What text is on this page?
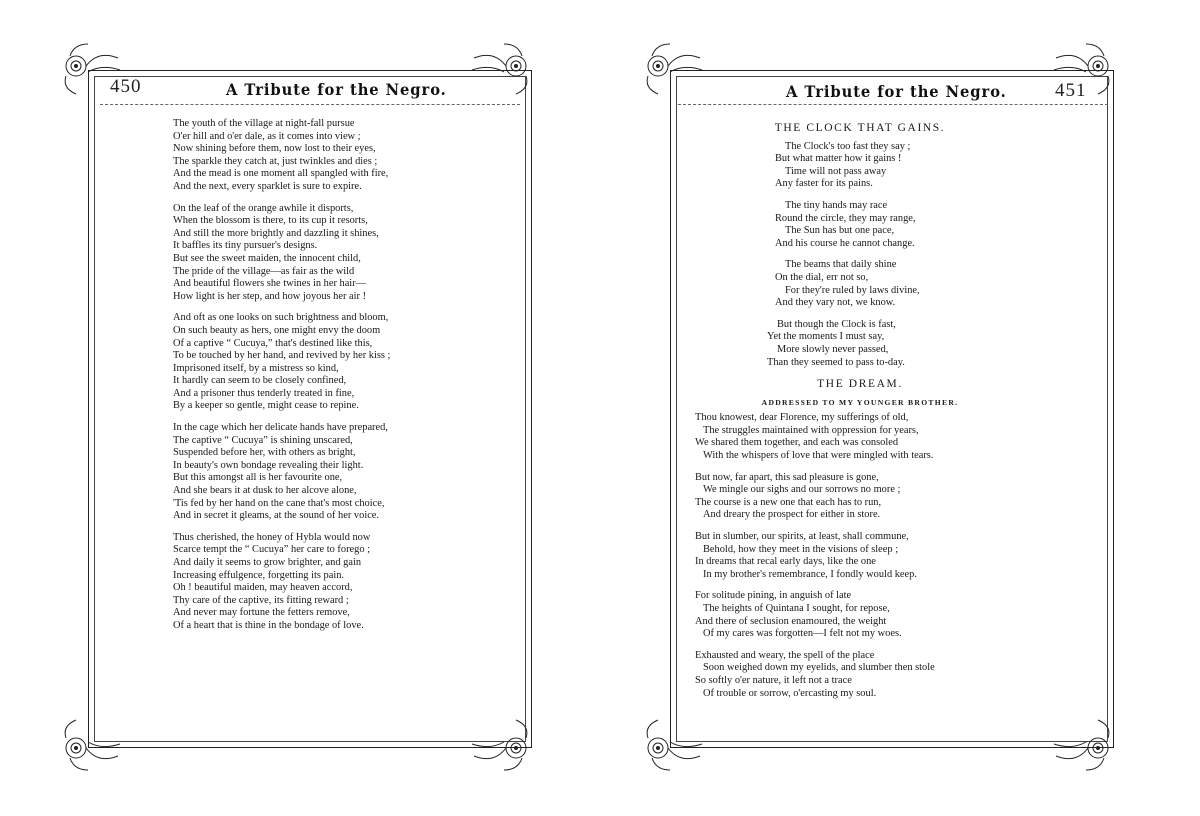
450	A Tribute for the Negro.
The youth of the village at night-fall pursue
O'er hill and o'er dale, as it comes into view ;
Now shining before them, now lost to their eyes,
The sparkle they catch at, just twinkles and dies ;
And the mead is one moment all spangled with fire,
And the next, every sparklet is sure to expire.
On the leaf of the orange awhile it disports,
When the blossom is there, to its cup it resorts,
And still the more brightly and dazzling it shines,
It baffles its tiny pursuer's designs.
But see the sweet maiden, the innocent child,
The pride of the village—as fair as the wild
And beautiful flowers she twines in her hair—
How light is her step, and how joyous her air !
And oft as one looks on such brightness and bloom,
On such beauty as hers, one might envy the doom
Of a captive “ Cucuya,” that's destined like this,
To be touched by her hand, and revived by her kiss ;
Imprisoned itself, by a mistress so kind,
It hardly can seem to be closely confined,
And a prisoner thus tenderly treated in fine,
By a keeper so gentle, might cease to repine.
In the cage which her delicate hands have prepared,
The captive “ Cucuya” is shining unscared,
Suspended before her, with others as bright,
In beauty's own bondage revealing their light.
But this amongst all is her favourite one,
And she bears it at dusk to her alcove alone,
'Tis fed by her hand on the cane that's most choice,
And in secret it gleams, at the sound of her voice.
Thus cherished, the honey of Hybla would now
Scarce tempt the “ Cucuya” her care to forego ;
And daily it seems to grow brighter, and gain
Increasing effulgence, forgetting its pain.
Oh ! beautiful maiden, may heaven accord,
Thy care of the captive, its fitting reward ;
And never may fortune the fetters remove,
Of a heart that is thine in the bondage of love.
A Tribute for the Negro.	451
THE CLOCK THAT GAINS.
The Clock's too fast they say ;
But what matter how it gains !
Time will not pass away
Any faster for its pains.
The tiny hands may race
Round the circle, they may range,
The Sun has but one pace,
And his course he cannot change.
The beams that daily shine
On the dial, err not so,
For they're ruled by laws divine,
And they vary not, we know.
But though the Clock is fast,
Yet the moments I must say,
More slowly never passed,
Than they seemed to pass to-day.
THE DREAM.
ADDRESSED TO MY YOUNGER BROTHER.
Thou knowest, dear Florence, my sufferings of old,
The struggles maintained with oppression for years,
We shared them together, and each was consoled
With the whispers of love that were mingled with tears.
But now, far apart, this sad pleasure is gone,
We mingle our sighs and our sorrows no more ;
The course is a new one that each has to run,
And dreary the prospect for either in store.
But in slumber, our spirits, at least, shall commune,
Behold, how they meet in the visions of sleep ;
In dreams that recal early days, like the one
In my brother's remembrance, I fondly would keep.
For solitude pining, in anguish of late
The heights of Quintana I sought, for repose,
And there of seclusion enamoured, the weight
Of my cares was forgotten—I felt not my woes.
Exhausted and weary, the spell of the place
Soon weighed down my eyelids, and slumber then stole
So softly o'er nature, it left not a trace
Of trouble or sorrow, o'ercasting my soul.
